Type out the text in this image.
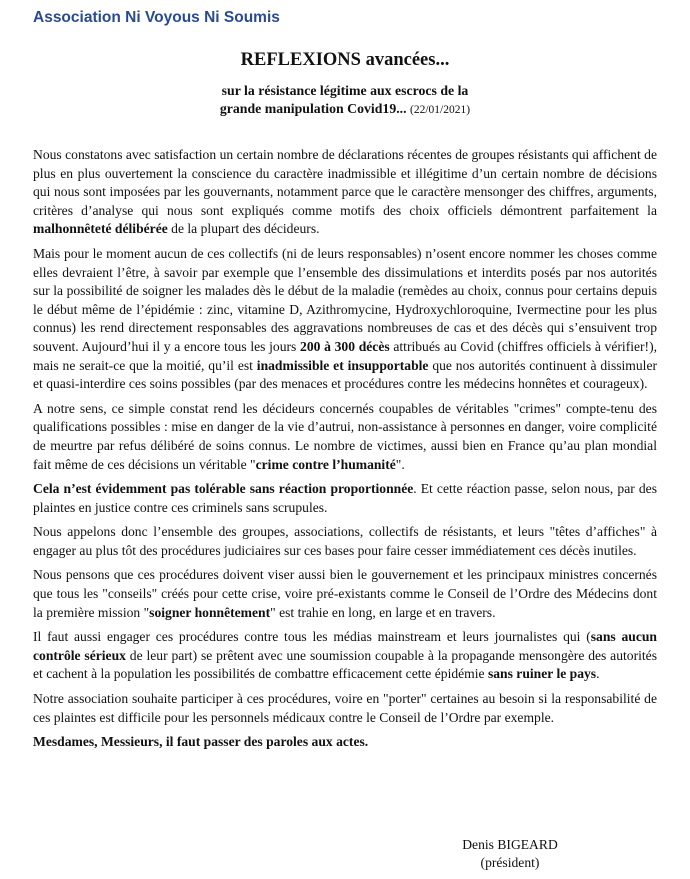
Association Ni Voyous Ni Soumis
REFLEXIONS avancées...
sur la résistance légitime aux escrocs de la
grande manipulation Covid19... (22/01/2021)

Nous constatons avec satisfaction un certain nombre de déclarations récentes de groupes résistants qui affichent de plus en plus ouvertement la conscience du caractère inadmissible et illégitime d’un certain nombre de décisions qui nous sont imposées par les gouvernants, notamment parce que le caractère mensonger des chiffres, arguments, critères d’analyse qui nous sont expliqués comme motifs des choix officiels démontrent parfaitement la malhonnêteté délibérée de la plupart des décideurs.

Mais pour le moment aucun de ces collectifs (ni de leurs responsables) n’osent encore nommer les choses comme elles devraient l’être, à savoir par exemple que l’ensemble des dissimulations et interdits posés par nos autorités sur la possibilité de soigner les malades dès le début de la maladie (remèdes au choix, connus pour certains depuis le début même de l’épidémie : zinc, vitamine D, Azithromycine, Hydroxychloroquine, Ivermectine pour les plus connus) les rend directement responsables des aggravations nombreuses de cas et des décès qui s’ensuivent trop souvent. Aujourd’hui il y a encore tous les jours 200 à 300 décès attribués au Covid (chiffres officiels à vérifier!), mais ne serait-ce que la moitié, qu’il est inadmissible et insupportable que nos autorités continuent à dissimuler et quasi-interdire ces soins possibles (par des menaces et procédures contre les médecins honnêtes et courageux).

A notre sens, ce simple constat rend les décideurs concernés coupables de véritables "crimes" compte-tenu des qualifications possibles : mise en danger de la vie d’autrui, non-assistance à personnes en danger, voire complicité de meurtre par refus délibéré de soins connus. Le nombre de victimes, aussi bien en France qu’au plan mondial fait même de ces décisions un véritable "crime contre l’humanité".

Cela n’est évidemment pas tolérable sans réaction proportionnée. Et cette réaction passe, selon nous, par des plaintes en justice contre ces criminels sans scrupules.

Nous appelons donc l’ensemble des groupes, associations, collectifs de résistants, et leurs "têtes d’affiches" à engager au plus tôt des procédures judiciaires sur ces bases pour faire cesser immédiatement ces décès inutiles.

Nous pensons que ces procédures doivent viser aussi bien le gouvernement et les principaux ministres concernés que tous les "conseils" créés pour cette crise, voire pré-existants comme le Conseil de l’Ordre des Médecins dont la première mission "soigner honnêtement" est trahie en long, en large et en travers.

Il faut aussi engager ces procédures contre tous les médias mainstream et leurs journalistes qui (sans aucun contrôle sérieux de leur part) se prêtent avec une soumission coupable à la propagande mensongère des autorités et cachent à la population les possibilités de combattre efficacement cette épidémie sans ruiner le pays.

Notre association souhaite participer à ces procédures, voire en "porter" certaines au besoin si la responsabilité de ces plaintes est difficile pour les personnels médicaux contre le Conseil de l’Ordre par exemple.

Mesdames, Messieurs, il faut passer des paroles aux actes.

Denis BIGEARD
(président)
